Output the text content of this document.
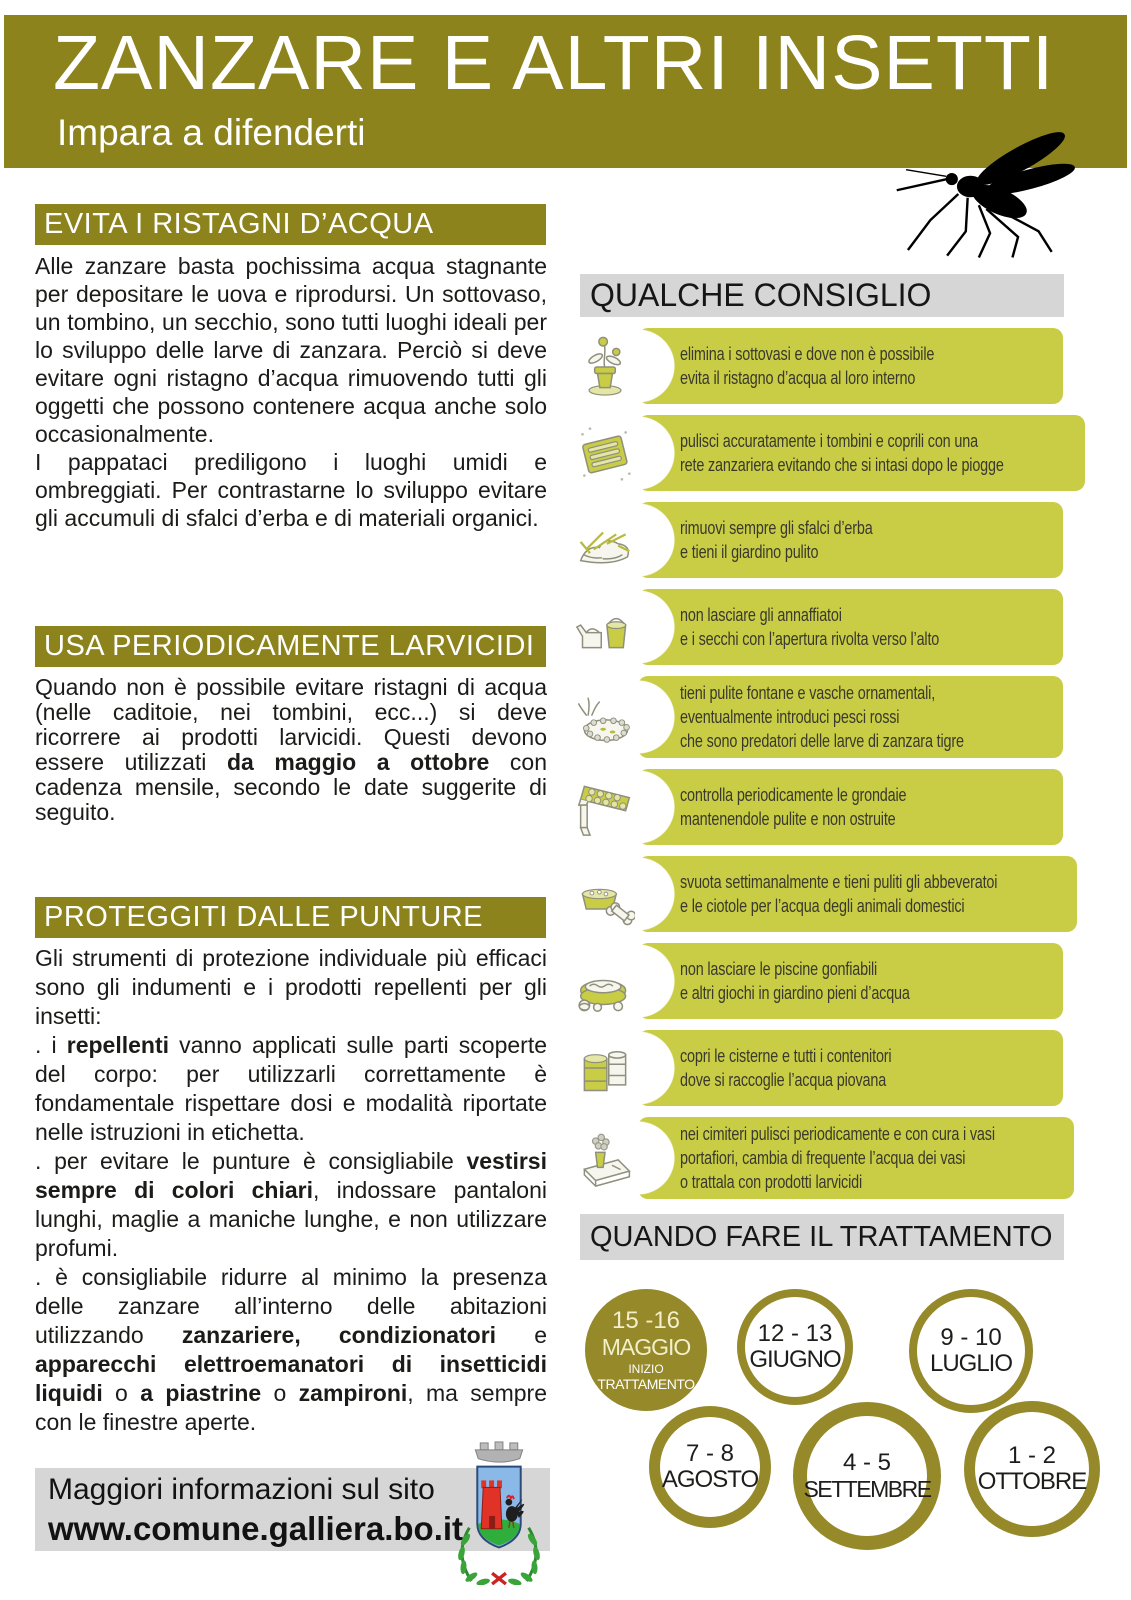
ZANZARE E ALTRI INSETTI
Impara a difenderti
EVITA I RISTAGNI D’ACQUA

Alle zanzare basta pochissima acqua stagnante per depositare le uova e riprodursi. Un sottovaso, un tombino, un secchio, sono tutti luoghi ideali per lo sviluppo delle larve di zanzara. Perciò si deve evitare ogni ristagno d’acqua rimuovendo tutti gli oggetti che possono contenere acqua anche solo occasionalmente.

I pappataci prediligono i luoghi umidi e ombreggiati. Per contrastarne lo sviluppo evitare gli accumuli di sfalci d’erba e di materiali organici.

USA PERIODICAMENTE LARVICIDI

Quando non è possibile evitare ristagni di acqua (nelle caditoie, nei tombini, ecc...) si deve ricorrere ai prodotti larvicidi. Questi devono essere utilizzati da maggio a ottobre con cadenza mensile, secondo le date suggerite di seguito.

PROTEGGITI DALLE PUNTURE

Gli strumenti di protezione individuale più efficaci sono gli indumenti e i prodotti repellenti per gli insetti:

. i repellenti vanno applicati sulle parti scoperte del corpo: per utilizzarli correttamente è fondamentale rispettare dosi e modalità riportate nelle istruzioni in etichetta.

. per evitare le punture è consigliabile vestirsi sempre di colori chiari, indossare pantaloni lunghi, maglie a maniche lunghe, e non utilizzare profumi.

. è consigliabile ridurre al minimo la presenza delle zanzare all’interno delle abitazioni utilizzando zanzariere, condizionatori e apparecchi elettroemanatori di insetticidi liquidi o a piastrine o zampironi, ma sempre con le finestre aperte.

Maggiori informazioni sul sito
www.comune.galliera.bo.it
QUALCHE CONSIGLIO
elimina i sottovasi e dove non è possibile
evita il ristagno d’acqua al loro interno
pulisci accuratamente i tombini e coprili con una
rete zanzariera evitando che si intasi dopo le piogge
rimuovi sempre gli sfalci d’erba
e tieni il giardino pulito
non lasciare gli annaffiatoi
e i secchi con l’apertura rivolta verso l’alto
tieni pulite fontane e vasche ornamentali,
eventualmente introduci pesci rossi
che sono predatori delle larve di zanzara tigre
controlla periodicamente le grondaie
mantenendole pulite e non ostruite
svuota settimanalmente e tieni puliti gli abbeveratoi
e le ciotole per l’acqua degli animali domestici
non lasciare le piscine gonfiabili
e altri giochi in giardino pieni d’acqua
copri le cisterne e tutti i contenitori
dove si raccoglie l’acqua piovana
nei cimiteri pulisci periodicamente e con cura i vasi
portafiori, cambia di frequente l’acqua dei vasi
o trattala con prodotti larvicidi
QUANDO FARE IL TRATTAMENTO
15 -16
MAGGIO
INIZIO
TRATTAMENTO
12 - 13
GIUGNO
9 - 10
LUGLIO
7 - 8
AGOSTO
4 - 5
SETTEMBRE
1 - 2
OTTOBRE
